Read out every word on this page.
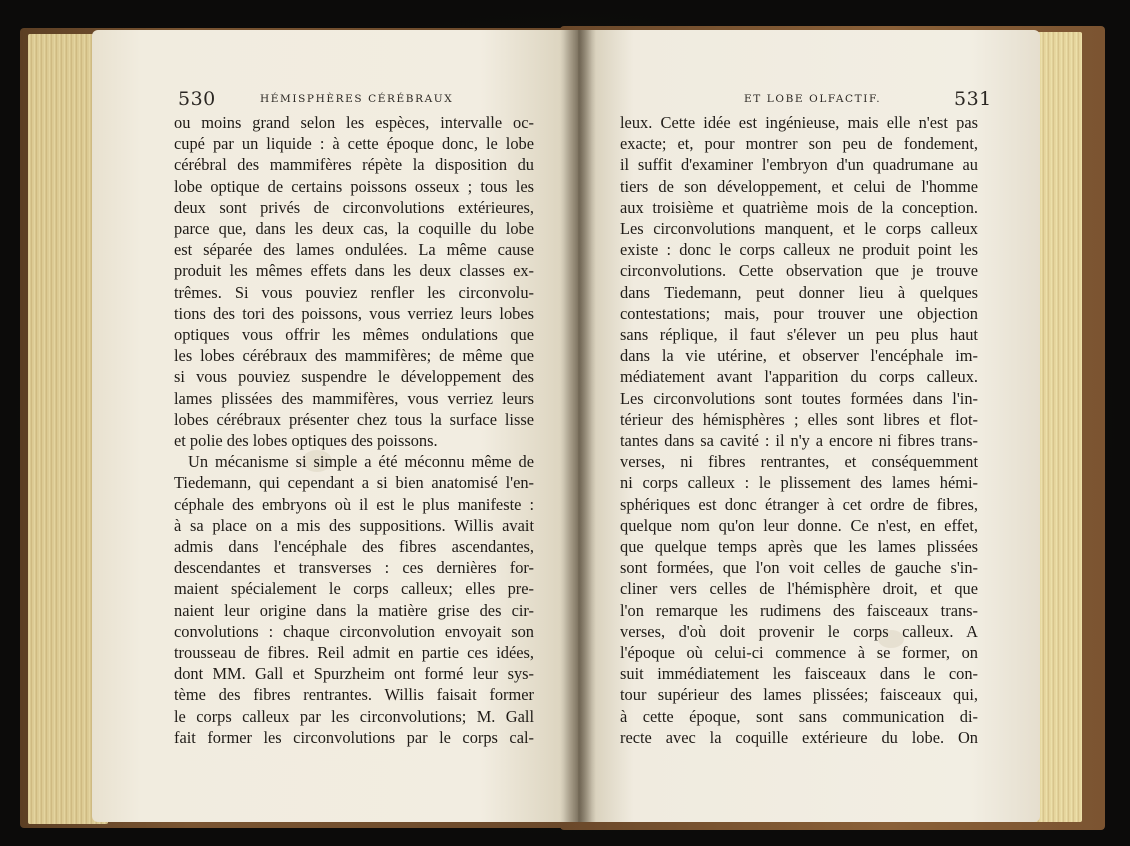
530	HÉMISPHÈRES CÉRÉBRAUX
ou moins grand selon les espèces, intervalle oc-
cupé par un liquide : à cette époque donc, le lobe
cérébral des mammifères répète la disposition du
lobe optique de certains poissons osseux ; tous les
deux sont privés de circonvolutions extérieures,
parce que, dans les deux cas, la coquille du lobe
est séparée des lames ondulées. La même cause
produit les mêmes effets dans les deux classes ex-
trêmes. Si vous pouviez renfler les circonvolu-
tions des tori des poissons, vous verriez leurs lobes
optiques vous offrir les mêmes ondulations que
les lobes cérébraux des mammifères; de même que
si vous pouviez suspendre le développement des
lames plissées des mammifères, vous verriez leurs
lobes cérébraux présenter chez tous la surface lisse
et polie des lobes optiques des poissons.
Un mécanisme si simple a été méconnu même de
Tiedemann, qui cependant a si bien anatomisé l'en-
céphale des embryons où il est le plus manifeste :
à sa place on a mis des suppositions. Willis avait
admis dans l'encéphale des fibres ascendantes,
descendantes et transverses : ces dernières for-
maient spécialement le corps calleux; elles pre-
naient leur origine dans la matière grise des cir-
convolutions : chaque circonvolution envoyait son
trousseau de fibres. Reil admit en partie ces idées,
dont MM. Gall et Spurzheim ont formé leur sys-
tème des fibres rentrantes. Willis faisait former
le corps calleux par les circonvolutions; M. Gall
fait former les circonvolutions par le corps cal-
ET LOBE OLFACTIF.	531
leux. Cette idée est ingénieuse, mais elle n'est pas
exacte; et, pour montrer son peu de fondement,
il suffit d'examiner l'embryon d'un quadrumane au
tiers de son développement, et celui de l'homme
aux troisième et quatrième mois de la conception.
Les circonvolutions manquent, et le corps calleux
existe : donc le corps calleux ne produit point les
circonvolutions. Cette observation que je trouve
dans Tiedemann, peut donner lieu à quelques
contestations; mais, pour trouver une objection
sans réplique, il faut s'élever un peu plus haut
dans la vie utérine, et observer l'encéphale im-
médiatement avant l'apparition du corps calleux.
Les circonvolutions sont toutes formées dans l'in-
térieur des hémisphères ; elles sont libres et flot-
tantes dans sa cavité : il n'y a encore ni fibres trans-
verses, ni fibres rentrantes, et conséquemment
ni corps calleux : le plissement des lames hémi-
sphériques est donc étranger à cet ordre de fibres,
quelque nom qu'on leur donne. Ce n'est, en effet,
que quelque temps après que les lames plissées
sont formées, que l'on voit celles de gauche s'in-
cliner vers celles de l'hémisphère droit, et que
l'on remarque les rudimens des faisceaux trans-
verses, d'où doit provenir le corps calleux. A
l'époque où celui-ci commence à se former, on
suit immédiatement les faisceaux dans le con-
tour supérieur des lames plissées; faisceaux qui,
à cette époque, sont sans communication di-
recte avec la coquille extérieure du lobe. On
